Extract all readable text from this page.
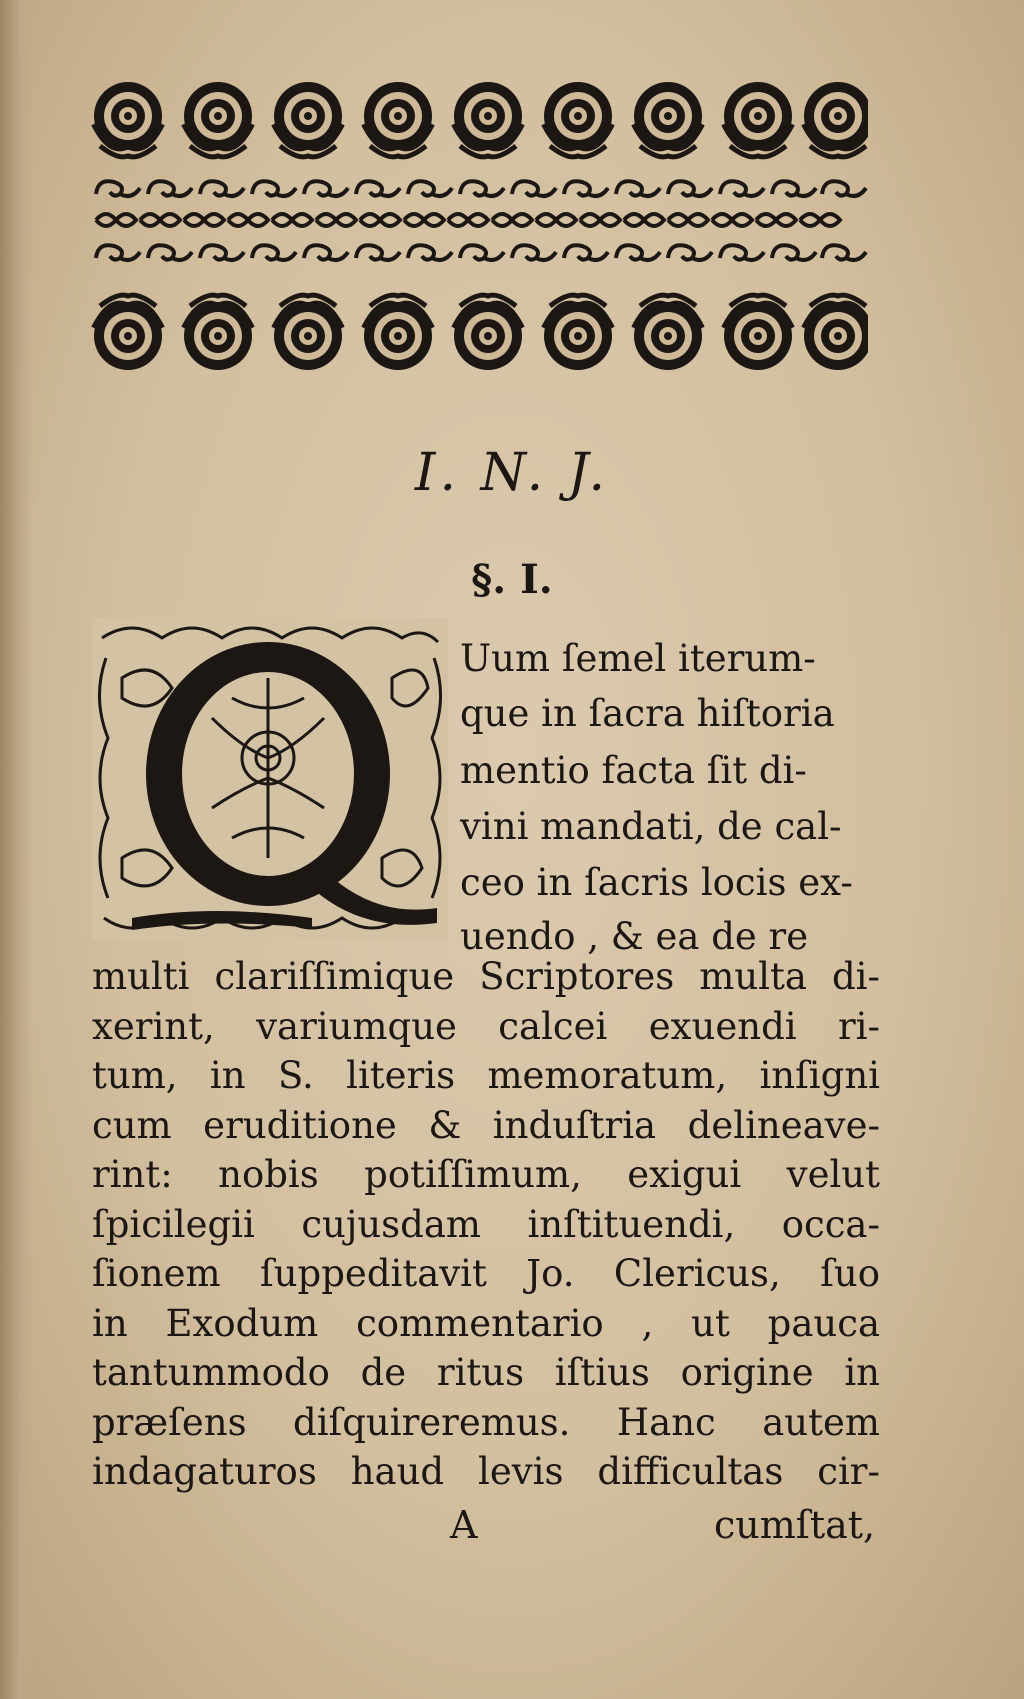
I. N. J.
§. I.
Uum ſemel iterum-
que in ſacra hiſtoria
mentio facta ſit di-
vini mandati, de cal-
ceo in ſacris locis ex-
uendo , & ea de re
multi clariſſimique Scriptores multa di-
xerint, variumque calcei exuendi ri-
tum, in S. literis memoratum, inſigni
cum eruditione & induſtria delineave-
rint: nobis potiſſimum, exigui velut
ſpicilegii cujusdam inſtituendi, occa-
ſionem ſuppeditavit Jo. Clericus, ſuo
in Exodum commentario , ut pauca
tantummodo de ritus iſtius origine in
præſens diſquireremus. Hanc autem
A	cumſtat,
indagaturos haud levis difficultas cir-
